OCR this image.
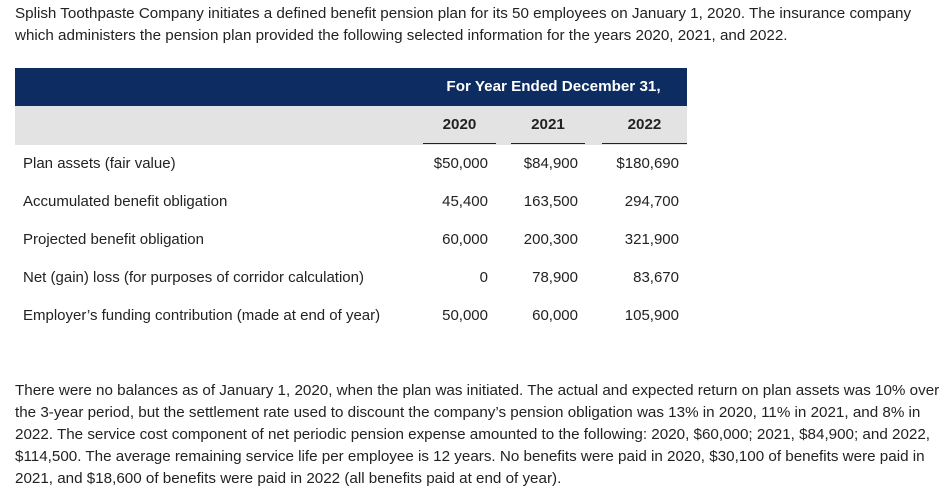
Splish Toothpaste Company initiates a defined benefit pension plan for its 50 employees on January 1, 2020. The insurance company which administers the pension plan provided the following selected information for the years 2020, 2021, and 2022.

For Year Ended December 31,
2020	2021	2022
Plan assets (fair value)	$50,000	$84,900	$180,690
Accumulated benefit obligation	45,400	163,500	294,700
Projected benefit obligation	60,000	200,300	321,900
Net (gain) loss (for purposes of corridor calculation)	0	78,900	83,670
Employer’s funding contribution (made at end of year)	50,000	60,000	105,900

There were no balances as of January 1, 2020, when the plan was initiated. The actual and expected return on plan assets was 10% over the 3-year period, but the settlement rate used to discount the company’s pension obligation was 13% in 2020, 11% in 2021, and 8% in 2022. The service cost component of net periodic pension expense amounted to the following: 2020, $60,000; 2021, $84,900; and 2022, $114,500. The average remaining service life per employee is 12 years. No benefits were paid in 2020, $30,100 of benefits were paid in 2021, and $18,600 of benefits were paid in 2022 (all benefits paid at end of year).
